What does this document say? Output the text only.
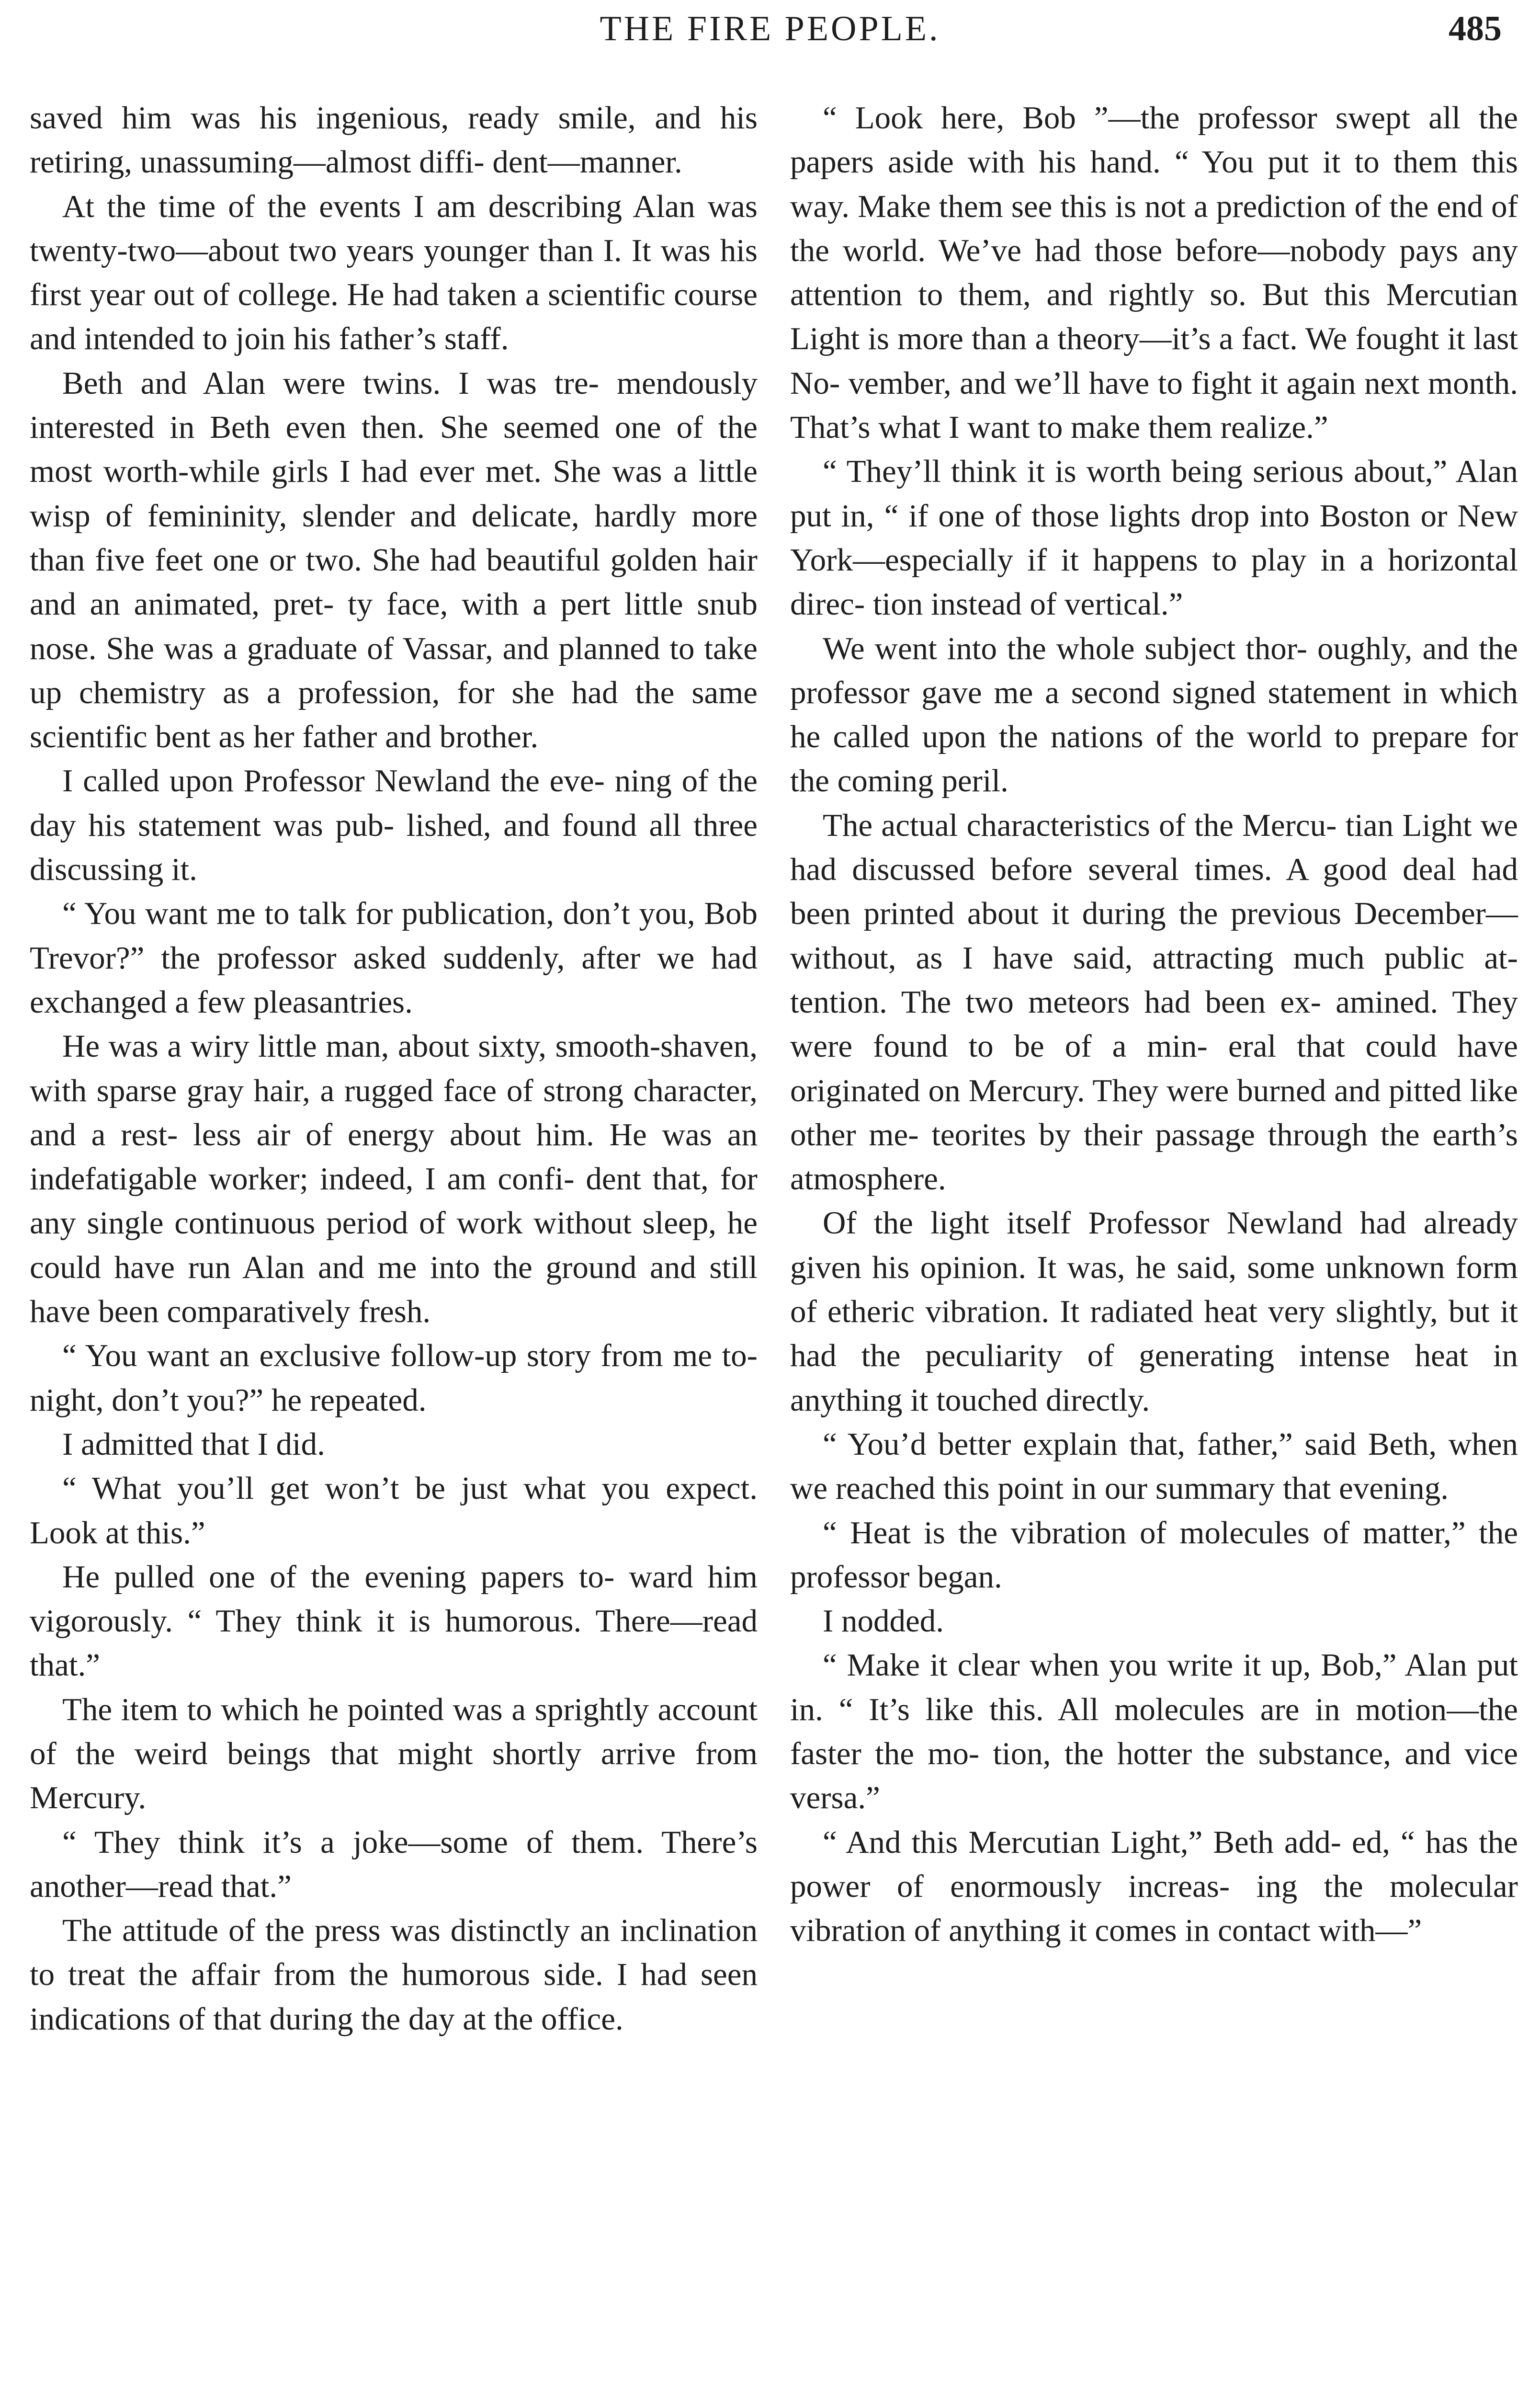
THE FIRE PEOPLE.	485

saved him was his ingenious, ready smile, and his retiring, unassuming—almost diffi- dent—manner.

At the time of the events I am describing Alan was twenty-two—about two years younger than I. It was his first year out of college. He had taken a scientific course and intended to join his father’s staff.

Beth and Alan were twins. I was tre- mendously interested in Beth even then. She seemed one of the most worth-while girls I had ever met. She was a little wisp of femininity, slender and delicate, hardly more than five feet one or two. She had beautiful golden hair and an animated, pret- ty face, with a pert little snub nose. She was a graduate of Vassar, and planned to take up chemistry as a profession, for she had the same scientific bent as her father and brother.

I called upon Professor Newland the eve- ning of the day his statement was pub- lished, and found all three discussing it.

“ You want me to talk for publication, don’t you, Bob Trevor?” the professor asked suddenly, after we had exchanged a few pleasantries.

He was a wiry little man, about sixty, smooth-shaven, with sparse gray hair, a rugged face of strong character, and a rest- less air of energy about him. He was an indefatigable worker; indeed, I am confi- dent that, for any single continuous period of work without sleep, he could have run Alan and me into the ground and still have been comparatively fresh.

“ You want an exclusive follow-up story from me to-night, don’t you?” he repeated.

I admitted that I did.

“ What you’ll get won’t be just what you expect. Look at this.”

He pulled one of the evening papers to- ward him vigorously. “ They think it is humorous. There—read that.”

The item to which he pointed was a sprightly account of the weird beings that might shortly arrive from Mercury.

“ They think it’s a joke—some of them. There’s another—read that.”

The attitude of the press was distinctly an inclination to treat the affair from the humorous side. I had seen indications of that during the day at the office.

“ Look here, Bob ”—the professor swept all the papers aside with his hand. “ You put it to them this way. Make them see this is not a prediction of the end of the world. We’ve had those before—nobody pays any attention to them, and rightly so. But this Mercutian Light is more than a theory—it’s a fact. We fought it last No- vember, and we’ll have to fight it again next month. That’s what I want to make them realize.”

“ They’ll think it is worth being serious about,” Alan put in, “ if one of those lights drop into Boston or New York—especially if it happens to play in a horizontal direc- tion instead of vertical.”

We went into the whole subject thor- oughly, and the professor gave me a second signed statement in which he called upon the nations of the world to prepare for the coming peril.

The actual characteristics of the Mercu- tian Light we had discussed before several times. A good deal had been printed about it during the previous December—without, as I have said, attracting much public at- tention. The two meteors had been ex- amined. They were found to be of a min- eral that could have originated on Mercury. They were burned and pitted like other me- teorites by their passage through the earth’s atmosphere.

Of the light itself Professor Newland had already given his opinion. It was, he said, some unknown form of etheric vibration. It radiated heat very slightly, but it had the peculiarity of generating intense heat in anything it touched directly.

“ You’d better explain that, father,” said Beth, when we reached this point in our summary that evening.

“ Heat is the vibration of molecules of matter,” the professor began.

I nodded.

“ Make it clear when you write it up, Bob,” Alan put in. “ It’s like this. All molecules are in motion—the faster the mo- tion, the hotter the substance, and vice versa.”

“ And this Mercutian Light,” Beth add- ed, “ has the power of enormously increas- ing the molecular vibration of anything it comes in contact with—”
